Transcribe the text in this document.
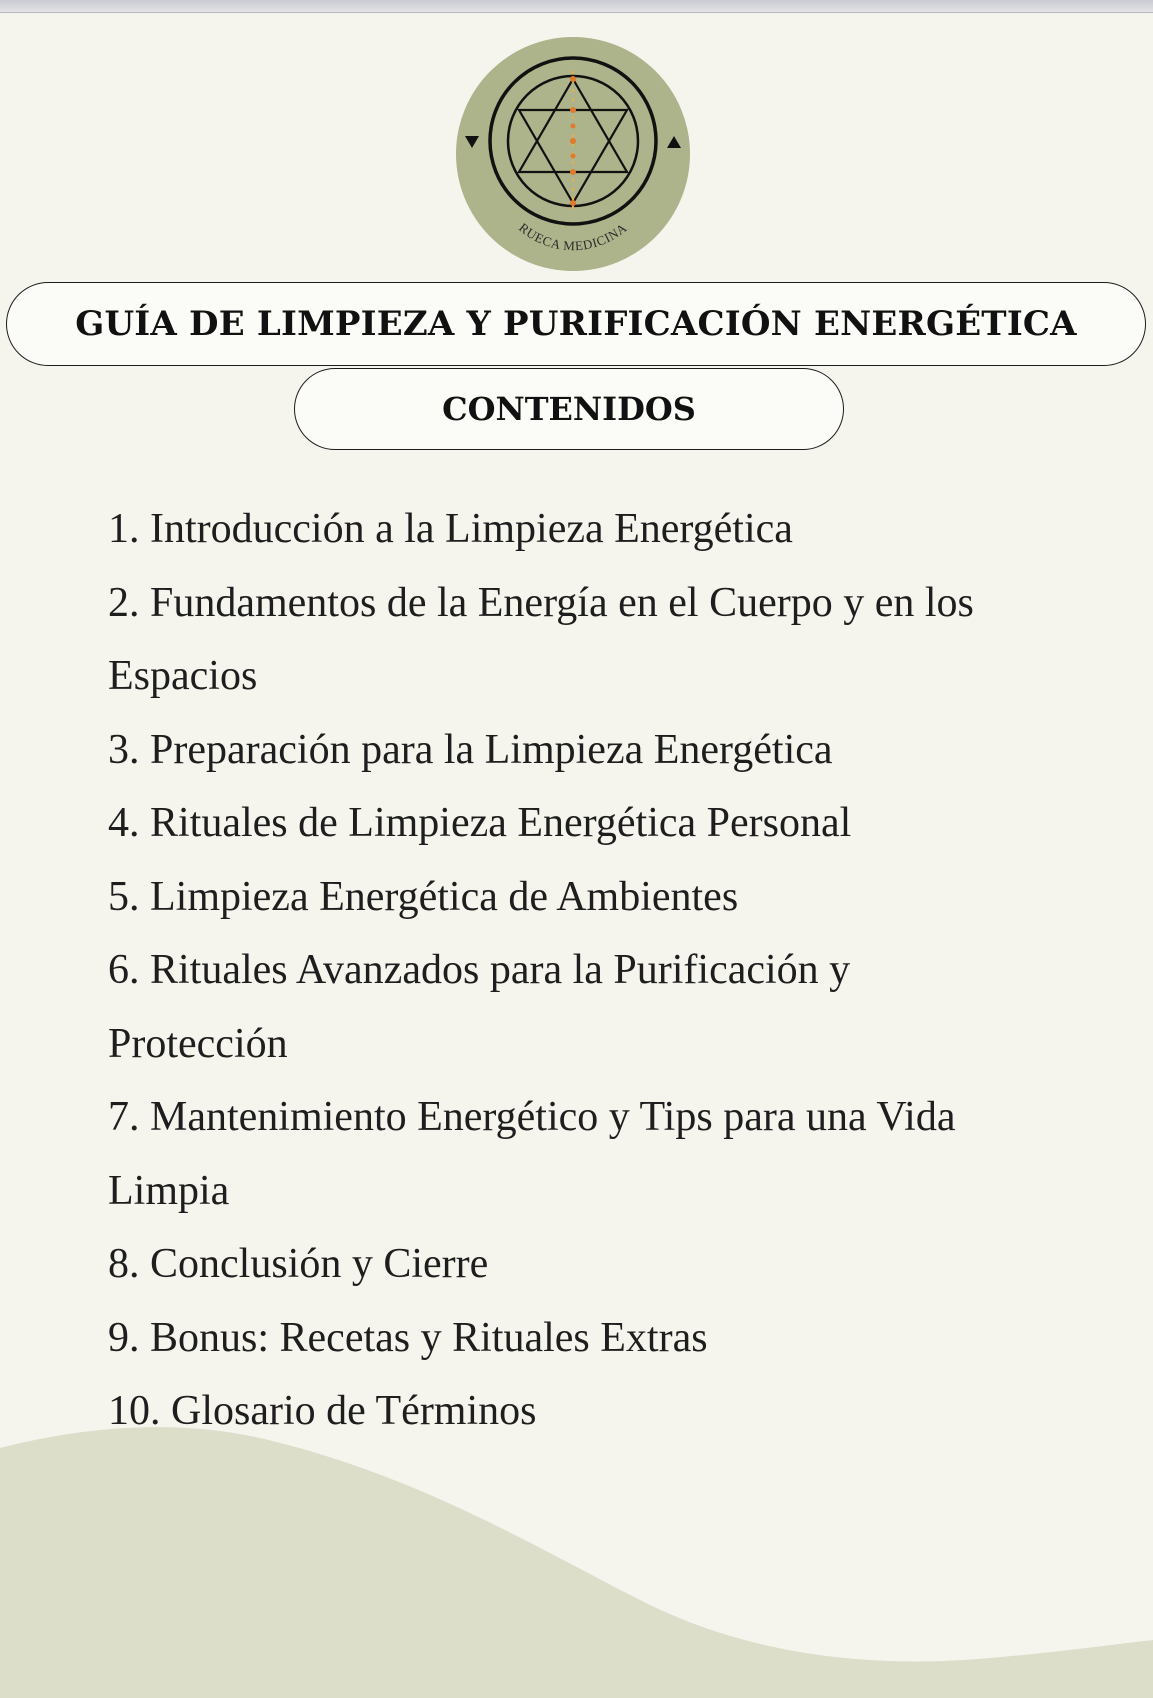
RUECA MEDICINA
GUÍA DE LIMPIEZA Y PURIFICACIÓN ENERGÉTICA
CONTENIDOS
1. Introducción a la Limpieza Energética
2. Fundamentos de la Energía en el Cuerpo y en los Espacios
3. Preparación para la Limpieza Energética
4. Rituales de Limpieza Energética Personal
5. Limpieza Energética de Ambientes
6. Rituales Avanzados para la Purificación y Protección
7. Mantenimiento Energético y Tips para una Vida Limpia
8. Conclusión y Cierre
9. Bonus: Recetas y Rituales Extras
10. Glosario de Términos
